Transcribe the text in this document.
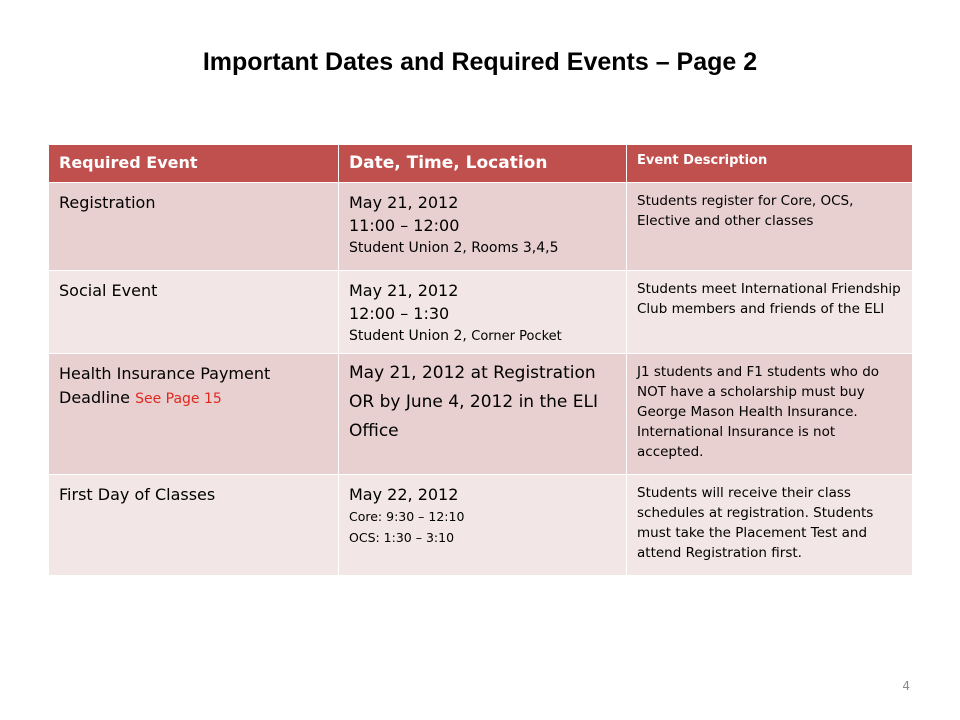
Important Dates and Required Events – Page 2
Required Event	Date, Time, Location	Event Description
Registration	May 21, 2012
11:00 – 12:00
Student Union 2, Rooms 3,4,5	Students register for Core, OCS, Elective and other classes
Social Event	May 21, 2012
12:00 – 1:30
Student Union 2, Corner Pocket	Students meet International Friendship Club members and friends of the ELI
Health Insurance Payment Deadline See Page 15	May 21, 2012 at Registration OR by June 4, 2012 in the ELI Office	J1 students and F1 students who do NOT have a scholarship must buy George Mason Health Insurance. International Insurance is not accepted.
First Day of Classes	May 22, 2012
Core: 9:30 – 12:10
OCS: 1:30 – 3:10	Students will receive their class schedules at registration. Students must take the Placement Test and attend Registration first.
4
